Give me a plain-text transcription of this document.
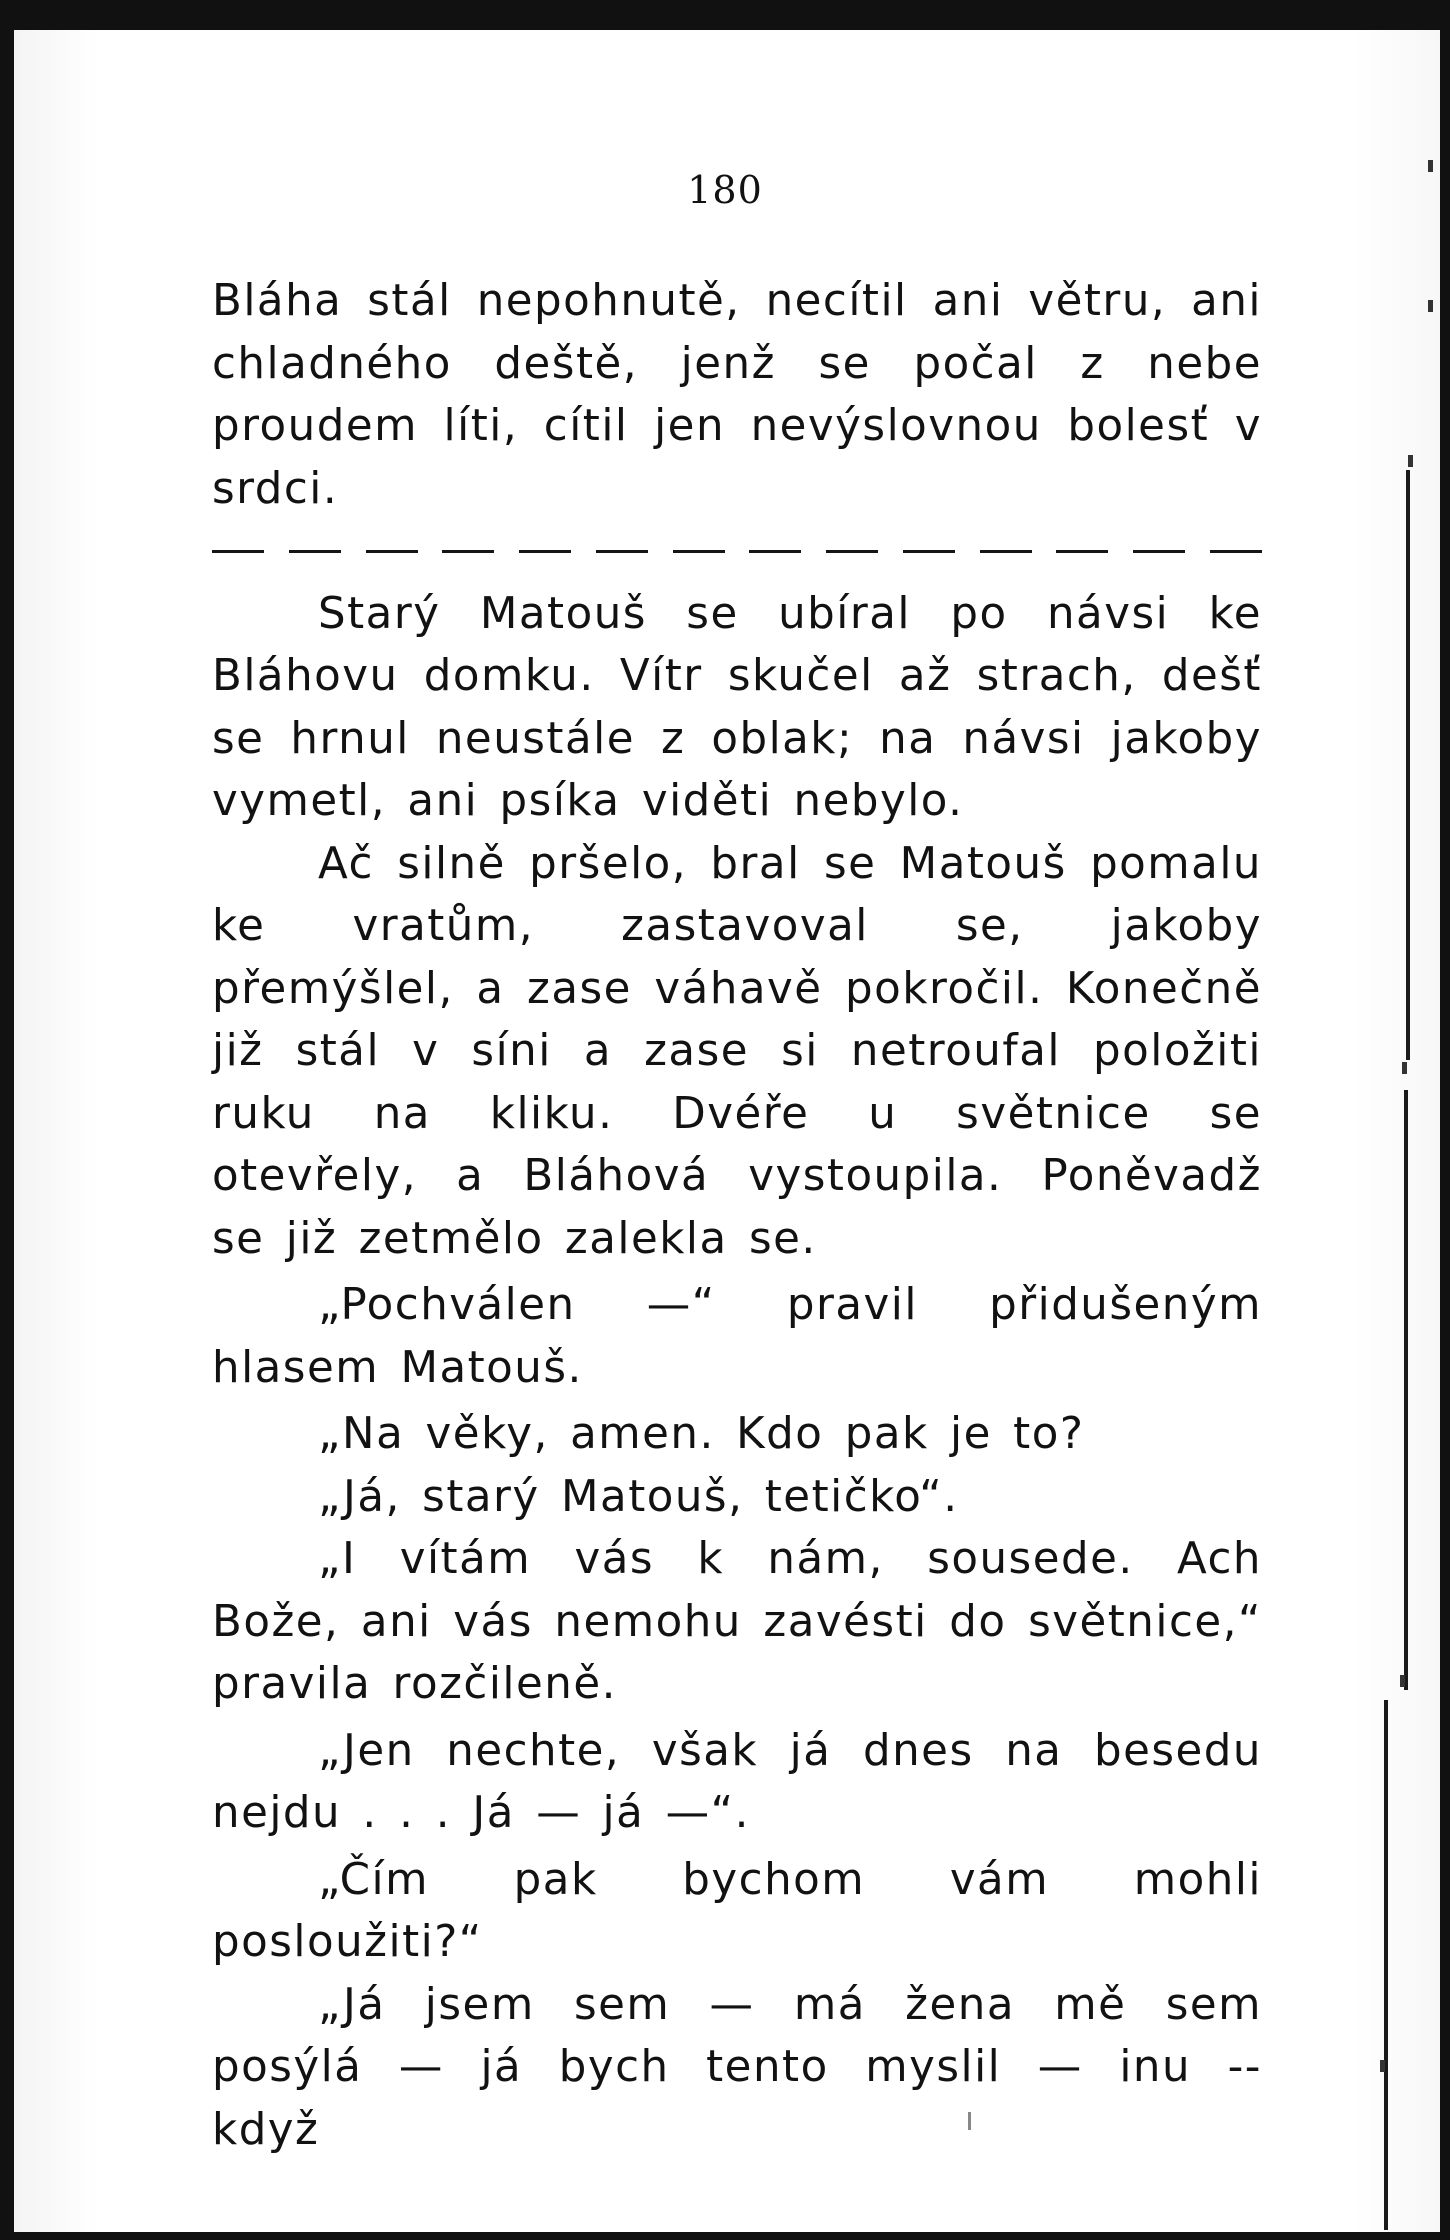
180

Bláha stál nepohnutě, necítil ani větru, ani chladného deště, jenž se počal z nebe proudem líti, cítil jen nevýslovnou bolesť v srdci.

Starý Matouš se ubíral po návsi ke Bláhovu domku. Vítr skučel až strach, dešť se hrnul neustále z oblak; na návsi jakoby vymetl, ani psíka viděti nebylo.

Ač silně pršelo, bral se Matouš pomalu ke vratům, zastavoval se, jakoby přemýšlel, a zase váhavě pokročil. Konečně již stál v síni a zase si netroufal položiti ruku na kliku. Dvéře u světnice se otevřely, a Bláhová vystoupila. Poněvadž se již zetmělo zalekla se.

„Pochválen —“ pravil přidušeným hlasem Matouš.

„Na věky, amen. Kdo pak je to?

„Já, starý Matouš, tetičko“.

„I vítám vás k nám, sousede. Ach Bože, ani vás nemohu zavésti do světnice,“ pravila rozčileně.

„Jen nechte, však já dnes na besedu nejdu . . . Já — já —“.

„Čím pak bychom vám mohli posloužiti?“

„Já jsem sem — má žena mě sem posýlá — já bych tento myslil — inu -- když
